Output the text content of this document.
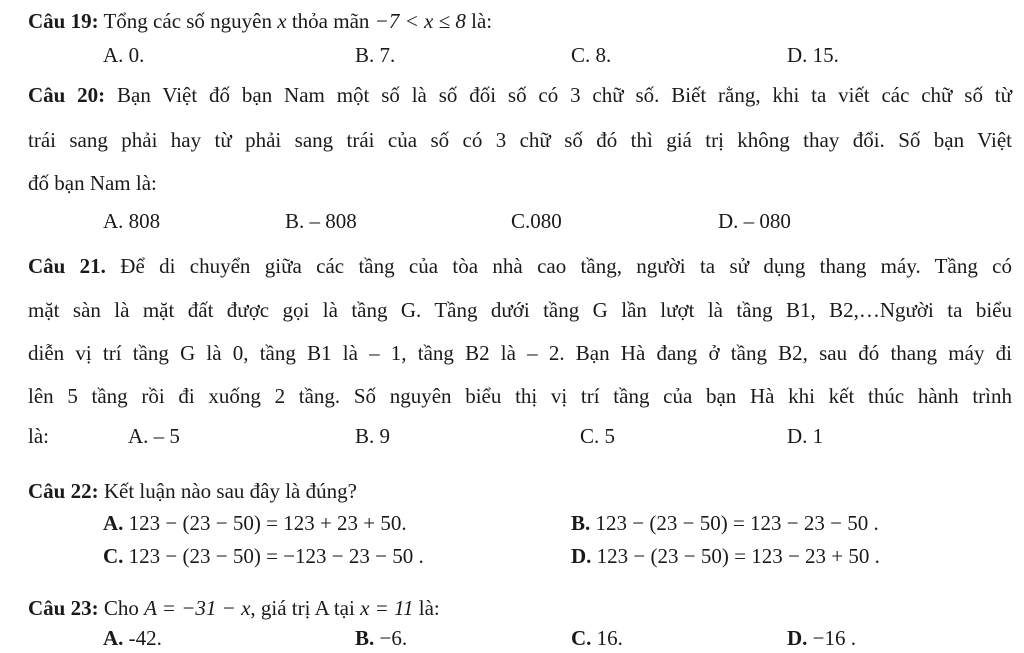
Câu 19: Tổng các số nguyên x thỏa mãn −7 < x ≤ 8 là:
A. 0.	B. 7.	C. 8.	D. 15.
Câu 20: Bạn Việt đố bạn Nam một số là số đối số có 3 chữ số. Biết rằng, khi ta viết các chữ số từ
trái sang phải hay từ phải sang trái của số có 3 chữ số đó thì giá trị không thay đổi. Số bạn Việt
đố bạn Nam là:
A. 808	B. – 808	C.080	D. – 080
Câu 21. Để di chuyển giữa các tầng của tòa nhà cao tầng, người ta sử dụng thang máy. Tầng có
mặt sàn là mặt đất được gọi là tầng G. Tầng dưới tầng G lần lượt là tầng B1, B2,…Người ta biểu
diễn vị trí tầng G là 0, tầng B1 là – 1, tầng B2 là – 2. Bạn Hà đang ở tầng B2, sau đó thang máy đi
lên 5 tầng rồi đi xuống 2 tầng. Số nguyên biểu thị vị trí tầng của bạn Hà khi kết thúc hành trình
là:	A. – 5	B. 9	C. 5	D. 1
Câu 22: Kết luận nào sau đây là đúng?
A. 123 − (23 − 50) = 123 + 23 + 50.	B. 123 − (23 − 50) = 123 − 23 − 50 .
C. 123 − (23 − 50) = −123 − 23 − 50 .	D. 123 − (23 − 50) = 123 − 23 + 50 .
Câu 23: Cho A = −31 − x, giá trị A tại x = 11 là:
A. -42.	B. −6.	C. 16.	D. −16 .
